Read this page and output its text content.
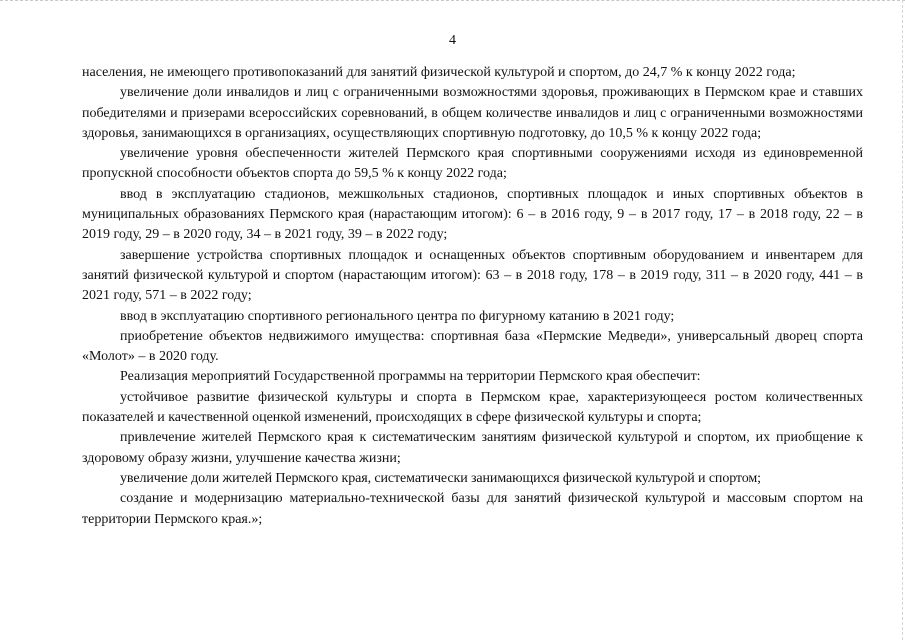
4

населения, не имеющего противопоказаний для занятий физической культурой и спортом, до 24,7 % к концу 2022 года;

увеличение доли инвалидов и лиц с ограниченными возможностями здоровья, проживающих в Пермском крае и ставших победителями и призерами всероссийских соревнований, в общем количестве инвалидов и лиц с ограниченными возможностями здоровья, занимающихся в организациях, осуществляющих спортивную подготовку, до 10,5 % к концу 2022 года;

увеличение уровня обеспеченности жителей Пермского края спортивными сооружениями исходя из единовременной пропускной способности объектов спорта до 59,5 % к концу 2022 года;

ввод в эксплуатацию стадионов, межшкольных стадионов, спортивных площадок и иных спортивных объектов в муниципальных образованиях Пермского края (нарастающим итогом): 6 – в 2016 году, 9 – в 2017 году, 17 – в 2018 году, 22 – в 2019 году, 29 – в 2020 году, 34 – в 2021 году, 39 – в 2022 году;

завершение устройства спортивных площадок и оснащенных объектов спортивным оборудованием и инвентарем для занятий физической культурой и спортом (нарастающим итогом): 63 – в 2018 году, 178 – в 2019 году, 311 – в 2020 году, 441 – в 2021 году, 571 – в 2022 году;

ввод в эксплуатацию спортивного регионального центра по фигурному катанию в 2021 году;

приобретение объектов недвижимого имущества: спортивная база «Пермские Медведи», универсальный дворец спорта «Молот» – в 2020 году.

Реализация мероприятий Государственной программы на территории Пермского края обеспечит:

устойчивое развитие физической культуры и спорта в Пермском крае, характеризующееся ростом количественных показателей и качественной оценкой изменений, происходящих в сфере физической культуры и спорта;

привлечение жителей Пермского края к систематическим занятиям физической культурой и спортом, их приобщение к здоровому образу жизни, улучшение качества жизни;

увеличение доли жителей Пермского края, систематически занимающихся физической культурой и спортом;

создание и модернизацию материально-технической базы для занятий физической культурой и массовым спортом на территории Пермского края.»;
